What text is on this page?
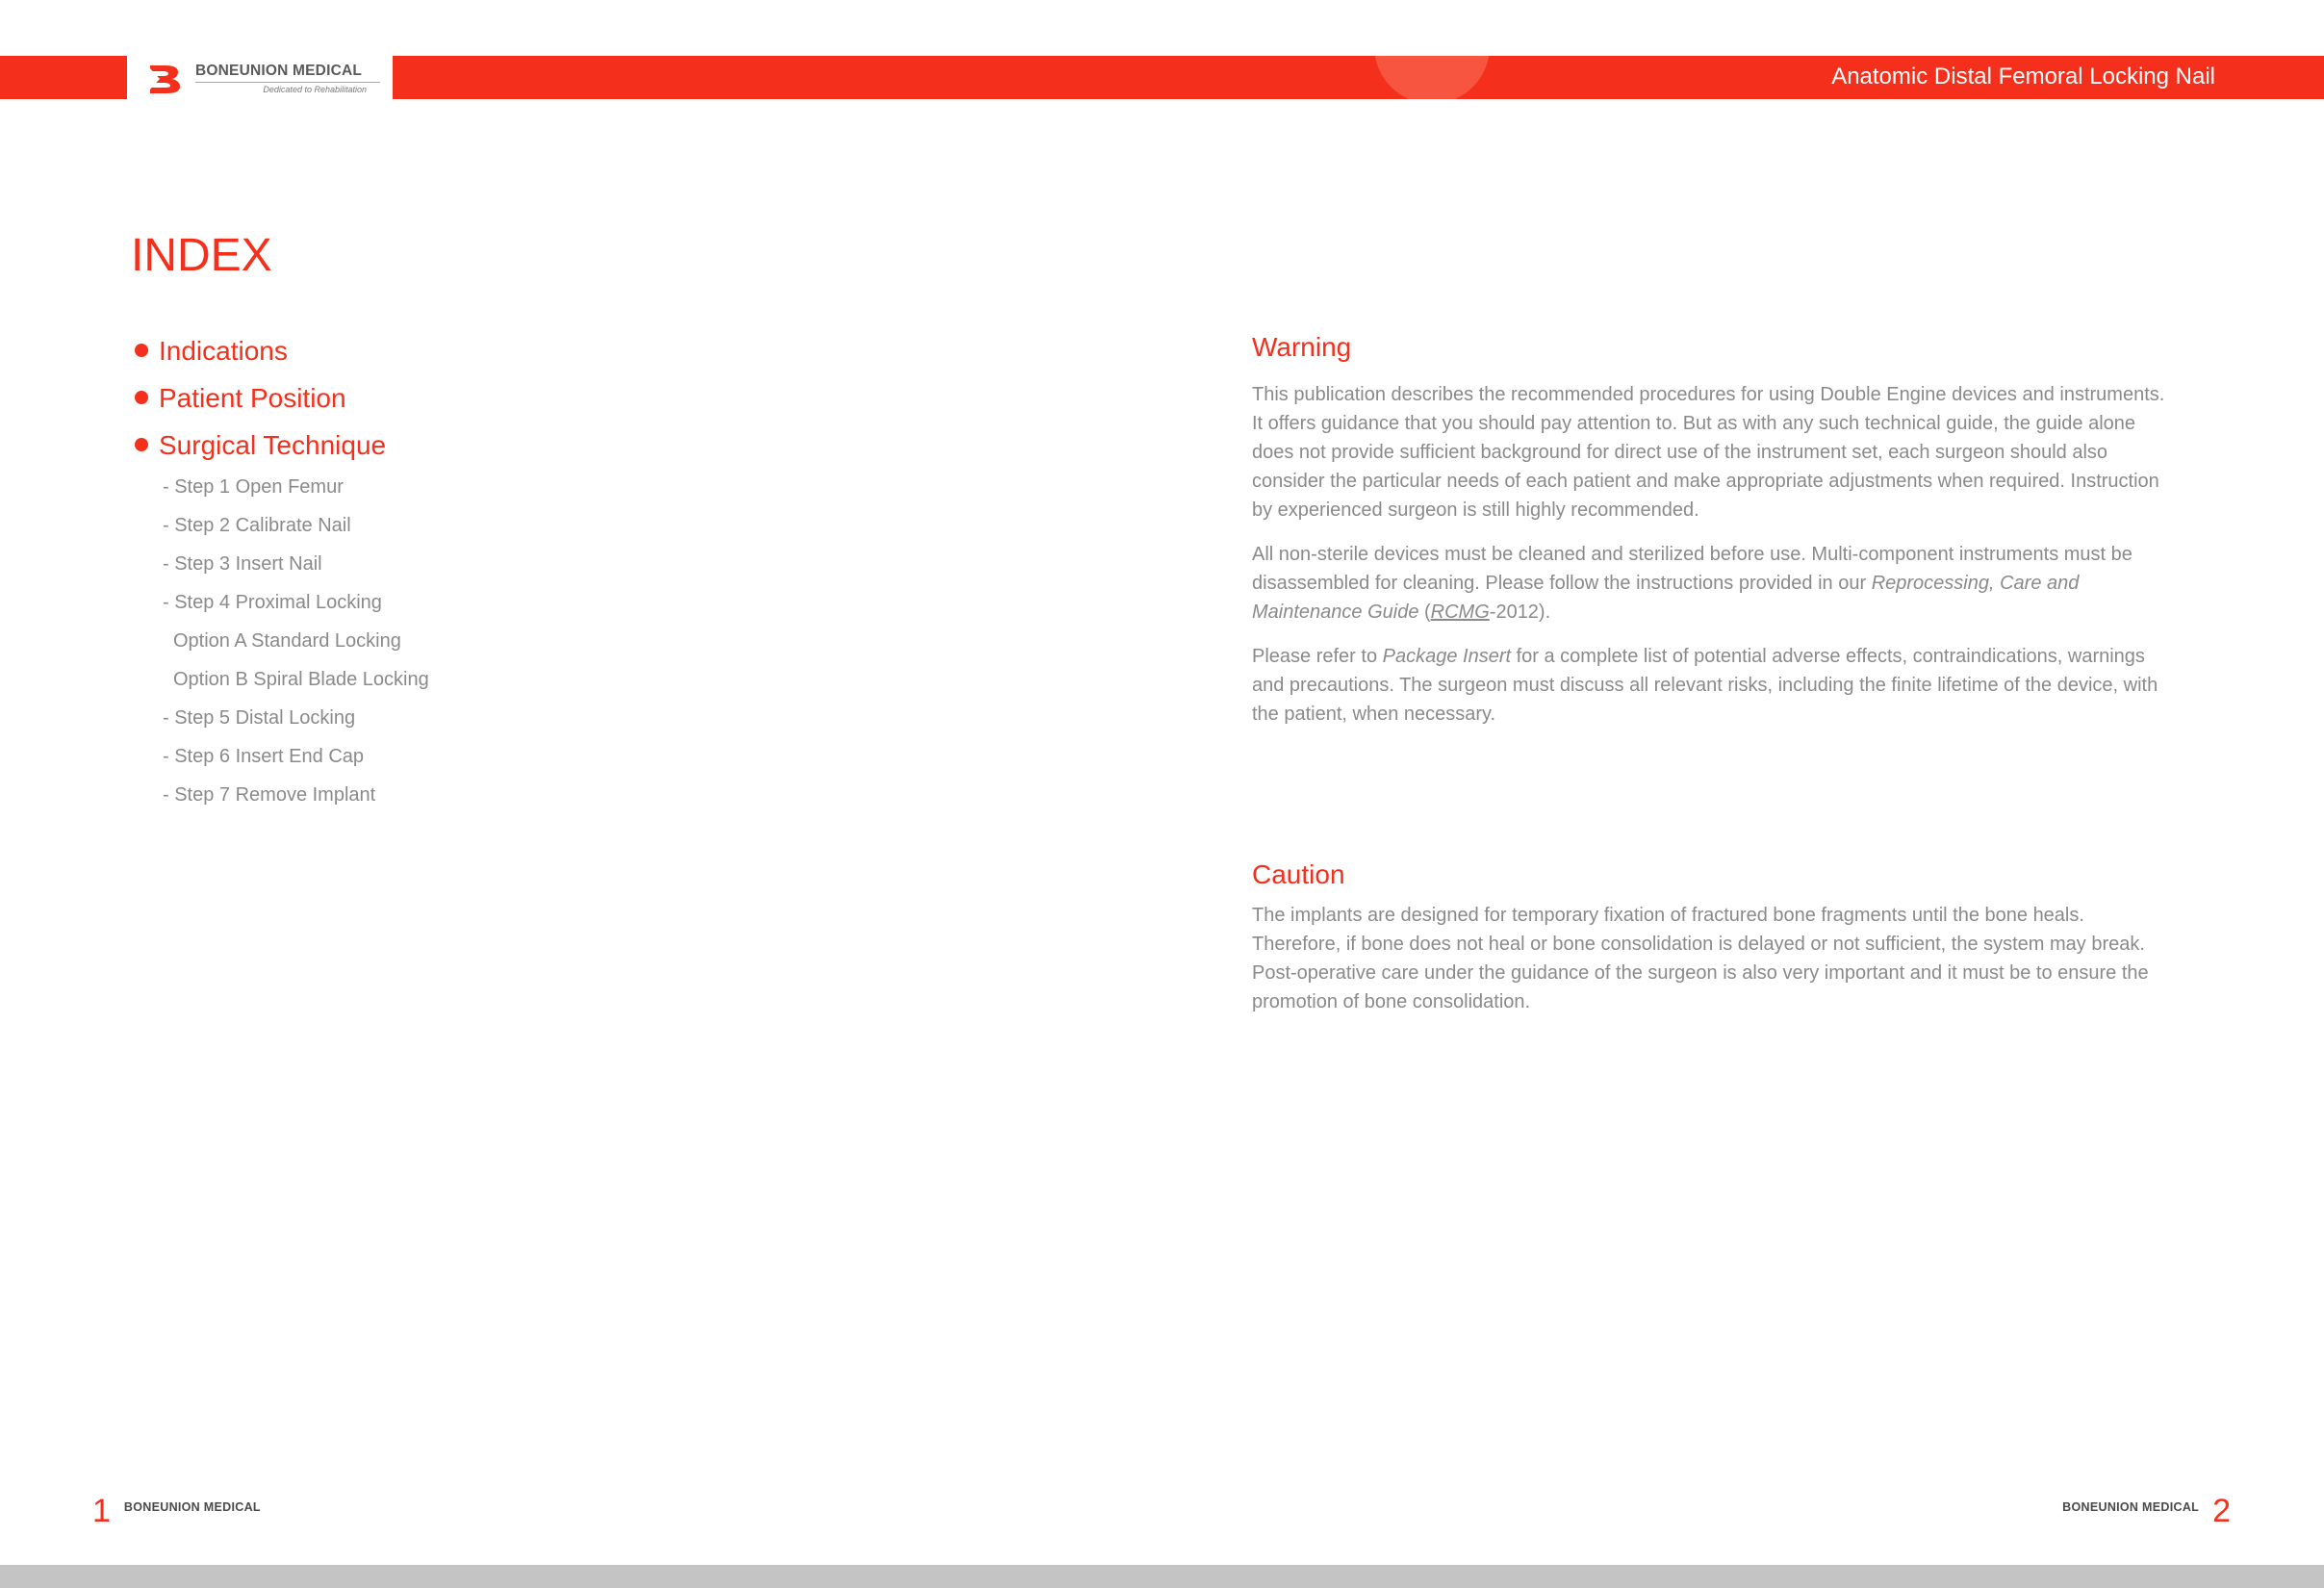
BONEUNION MEDICAL
Dedicated to Rehabilitation	Anatomic Distal Femoral Locking Nail
INDEX
Indications
Patient Position
Surgical Technique
- Step 1 Open Femur
- Step 2 Calibrate Nail
- Step 3 Insert Nail
- Step 4 Proximal Locking
Option A Standard Locking
Option B Spiral Blade Locking
- Step 5 Distal Locking
- Step 6 Insert End Cap
- Step 7 Remove Implant
Warning

This publication describes the recommended procedures for using Double Engine devices and instruments. It offers guidance that you should pay attention to. But as with any such technical guide, the guide alone does not provide sufficient background for direct use of the instrument set, each surgeon should also consider the particular needs of each patient and make appropriate adjustments when required. Instruction by experienced surgeon is still highly recommended.

All non-sterile devices must be cleaned and sterilized before use. Multi-component instruments must be disassembled for cleaning. Please follow the instructions provided in our Reprocessing, Care and Maintenance Guide (RCMG-2012).

Please refer to Package Insert for a complete list of potential adverse effects, contraindications, warnings and precautions. The surgeon must discuss all relevant risks, including the finite lifetime of the device, with the patient, when necessary.

Caution

The implants are designed for temporary fixation of fractured bone fragments until the bone heals. Therefore, if bone does not heal or bone consolidation is delayed or not sufficient, the system may break. Post-operative care under the guidance of the surgeon is also very important and it must be to ensure the promotion of bone consolidation.

1 BONEUNION MEDICAL	BONEUNION MEDICAL 2
